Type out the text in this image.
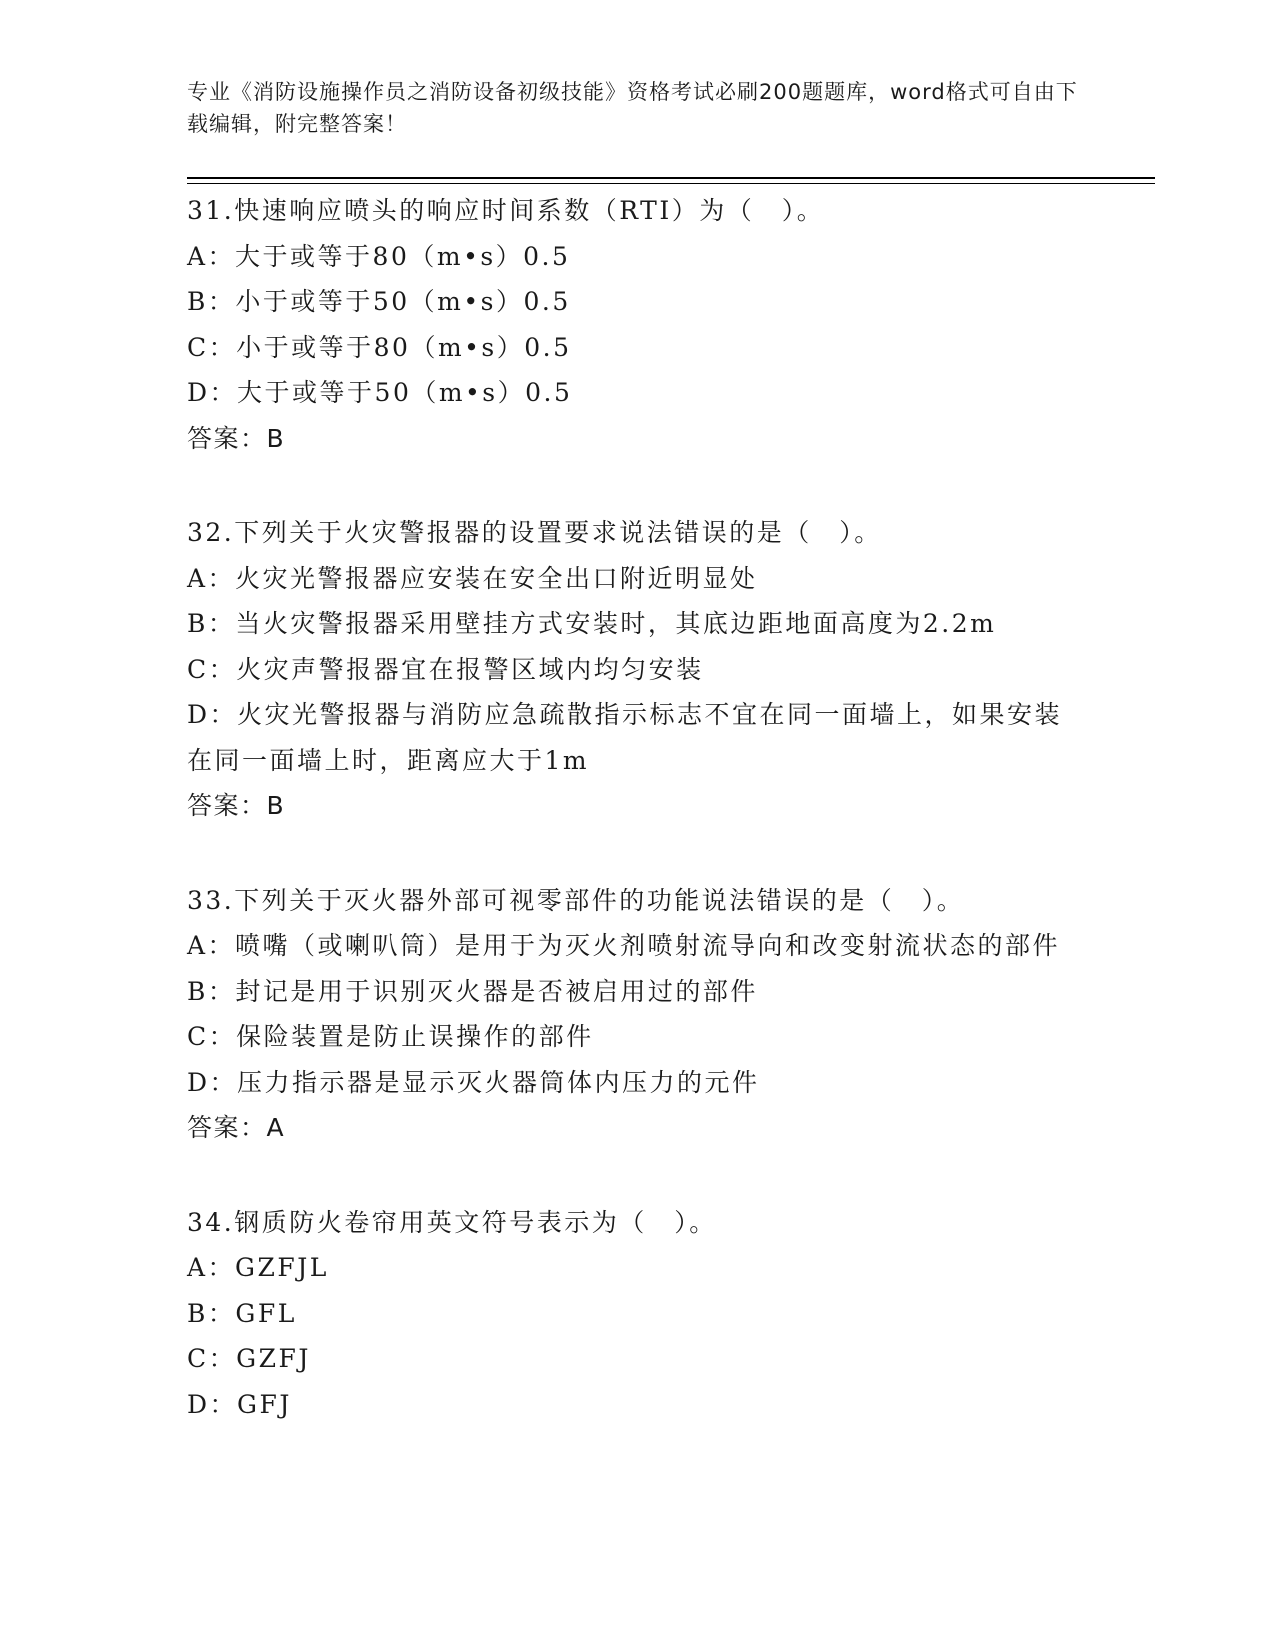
专业《消防设施操作员之消防设备初级技能》资格考试必刷200题题库，word格式可自由下载编辑，附完整答案！

31.快速响应喷头的响应时间系数（RTI）为（　）。

A：大于或等于80（m•s）0.5

B：小于或等于50（m•s）0.5

C：小于或等于80（m•s）0.5

D：大于或等于50（m•s）0.5

答案：B

32.下列关于火灾警报器的设置要求说法错误的是（　）。

A：火灾光警报器应安装在安全出口附近明显处

B：当火灾警报器采用壁挂方式安装时，其底边距地面高度为2.2m

C：火灾声警报器宜在报警区域内均匀安装

D：火灾光警报器与消防应急疏散指示标志不宜在同一面墙上，如果安装在同一面墙上时，距离应大于1m

答案：B

33.下列关于灭火器外部可视零部件的功能说法错误的是（　）。

A：喷嘴（或喇叭筒）是用于为灭火剂喷射流导向和改变射流状态的部件

B：封记是用于识别灭火器是否被启用过的部件

C：保险装置是防止误操作的部件

D：压力指示器是显示灭火器筒体内压力的元件

答案：A

34.钢质防火卷帘用英文符号表示为（　）。

A：GZFJL

B：GFL

C：GZFJ

D：GFJ
